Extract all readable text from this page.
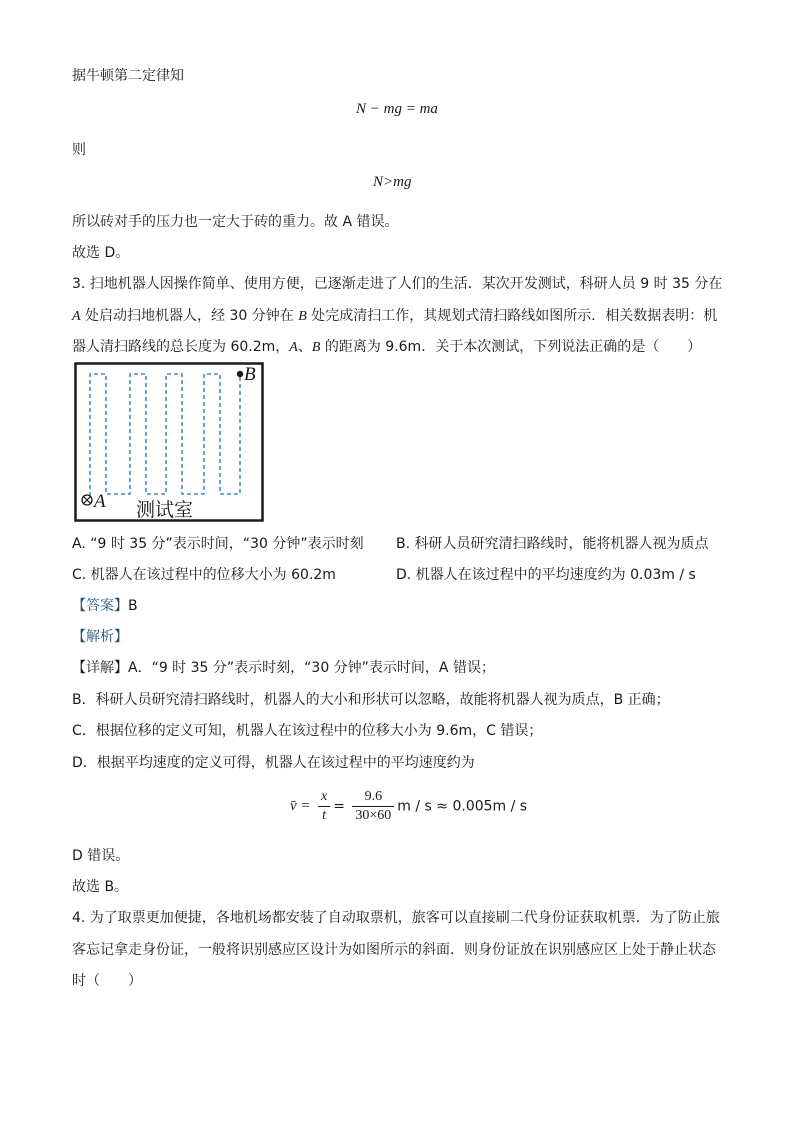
据牛顿第二定律知
N − mg = ma
则
N>mg
所以砖对手的压力也一定大于砖的重力。故 A 错误。
故选 D。
3. 扫地机器人因操作简单、使用方便，已逐渐走进了人们的生活．某次开发测试，科研人员 9 时 35 分在
A 处启动扫地机器人，经 30 分钟在 B 处完成清扫工作，其规划式清扫路线如图所示．相关数据表明：机
器人清扫路线的总长度为 60.2m，A、B 的距离为 9.6m．关于本次测试，下列说法正确的是（　　）
A
B
测试室
A. “9 时 35 分”表示时间，“30 分钟”表示时刻 B. 科研人员研究清扫路线时，能将机器人视为质点
C. 机器人在该过程中的位移大小为 60.2m	D. 机器人在该过程中的平均速度约为 0.03m / s
【答案】B
【解析】
【详解】A．“9 时 35 分”表示时刻，“30 分钟”表示时间，A 错误；
B．科研人员研究清扫路线时，机器人的大小和形状可以忽略，故能将机器人视为质点，B 正确；
C．根据位移的定义可知，机器人在该过程中的位移大小为 9.6m，C 错误；
D．根据平均速度的定义可得，机器人在该过程中的平均速度约为
v̄ = $\frac{x}{t} = \frac{9.6}{30\times 60}$ m / s ≈ 0.005m / s
D 错误。
故选 B。
4. 为了取票更加便捷，各地机场都安装了自动取票机，旅客可以直接刷二代身份证获取机票．为了防止旅
客忘记拿走身份证，一般将识别感应区设计为如图所示的斜面．则身份证放在识别感应区上处于静止状态
时（　　）
